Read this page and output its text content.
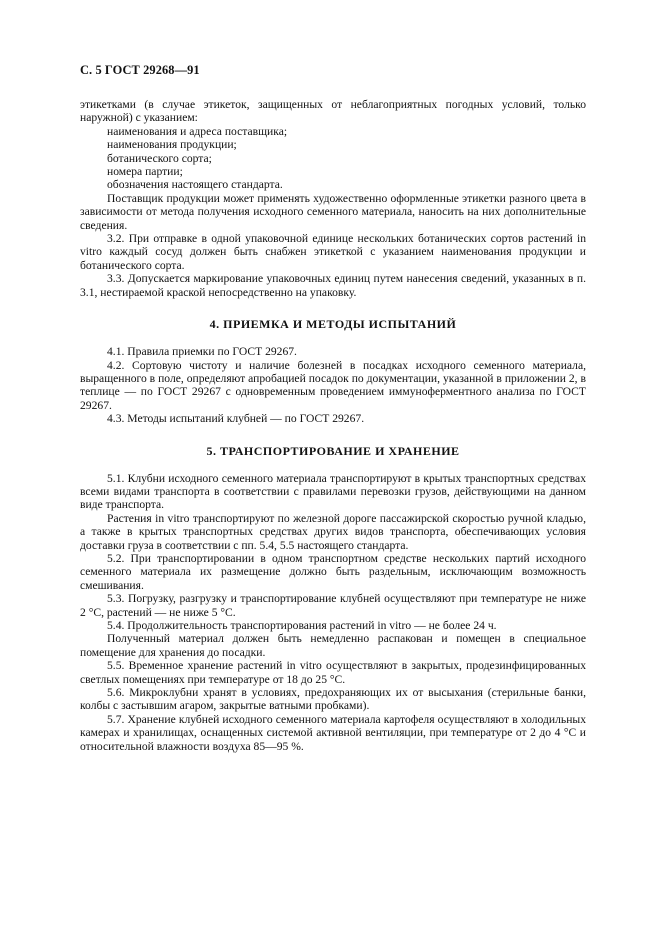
С. 5 ГОСТ 29268—91

этикетками (в случае этикеток, защищенных от неблагоприятных погодных условий, только наружной) с указанием:

наименования и адреса поставщика;
наименования продукции;
ботанического сорта;
номера партии;
обозначения настоящего стандарта.

Поставщик продукции может применять художественно оформленные этикетки разного цвета в зависимости от метода получения исходного семенного материала, наносить на них дополнительные сведения.

3.2. При отправке в одной упаковочной единице нескольких ботанических сортов растений in vitro каждый сосуд должен быть снабжен этикеткой с указанием наименования продукции и ботанического сорта.

3.3. Допускается маркирование упаковочных единиц путем нанесения сведений, указанных в п. 3.1, нестираемой краской непосредственно на упаковку.

4. ПРИЕМКА И МЕТОДЫ ИСПЫТАНИЙ

4.1. Правила приемки по ГОСТ 29267.

4.2. Сортовую чистоту и наличие болезней в посадках исходного семенного материала, выращенного в поле, определяют апробацией посадок по документации, указанной в приложении 2, в теплице — по ГОСТ 29267 с одновременным проведением иммуноферментного анализа по ГОСТ 29267.

4.3. Методы испытаний клубней — по ГОСТ 29267.

5. ТРАНСПОРТИРОВАНИЕ И ХРАНЕНИЕ

5.1. Клубни исходного семенного материала транспортируют в крытых транспортных средствах всеми видами транспорта в соответствии с правилами перевозки грузов, действующими на данном виде транспорта.

Растения in vitro транспортируют по железной дороге пассажирской скоростью ручной кладью, а также в крытых транспортных средствах других видов транспорта, обеспечивающих условия доставки груза в соответствии с пп. 5.4, 5.5 настоящего стандарта.

5.2. При транспортировании в одном транспортном средстве нескольких партий исходного семенного материала их размещение должно быть раздельным, исключающим возможность смешивания.

5.3. Погрузку, разгрузку и транспортирование клубней осуществляют при температуре не ниже 2 °С, растений — не ниже 5 °С.

5.4. Продолжительность транспортирования растений in vitro — не более 24 ч.

Полученный материал должен быть немедленно распакован и помещен в специальное помещение для хранения до посадки.

5.5. Временное хранение растений in vitro осуществляют в закрытых, продезинфицированных светлых помещениях при температуре от 18 до 25 °С.

5.6. Микроклубни хранят в условиях, предохраняющих их от высыхания (стерильные банки, колбы с застывшим агаром, закрытые ватными пробками).

5.7. Хранение клубней исходного семенного материала картофеля осуществляют в холодильных камерах и хранилищах, оснащенных системой активной вентиляции, при температуре от 2 до 4 °С и относительной влажности воздуха 85—95 %.
